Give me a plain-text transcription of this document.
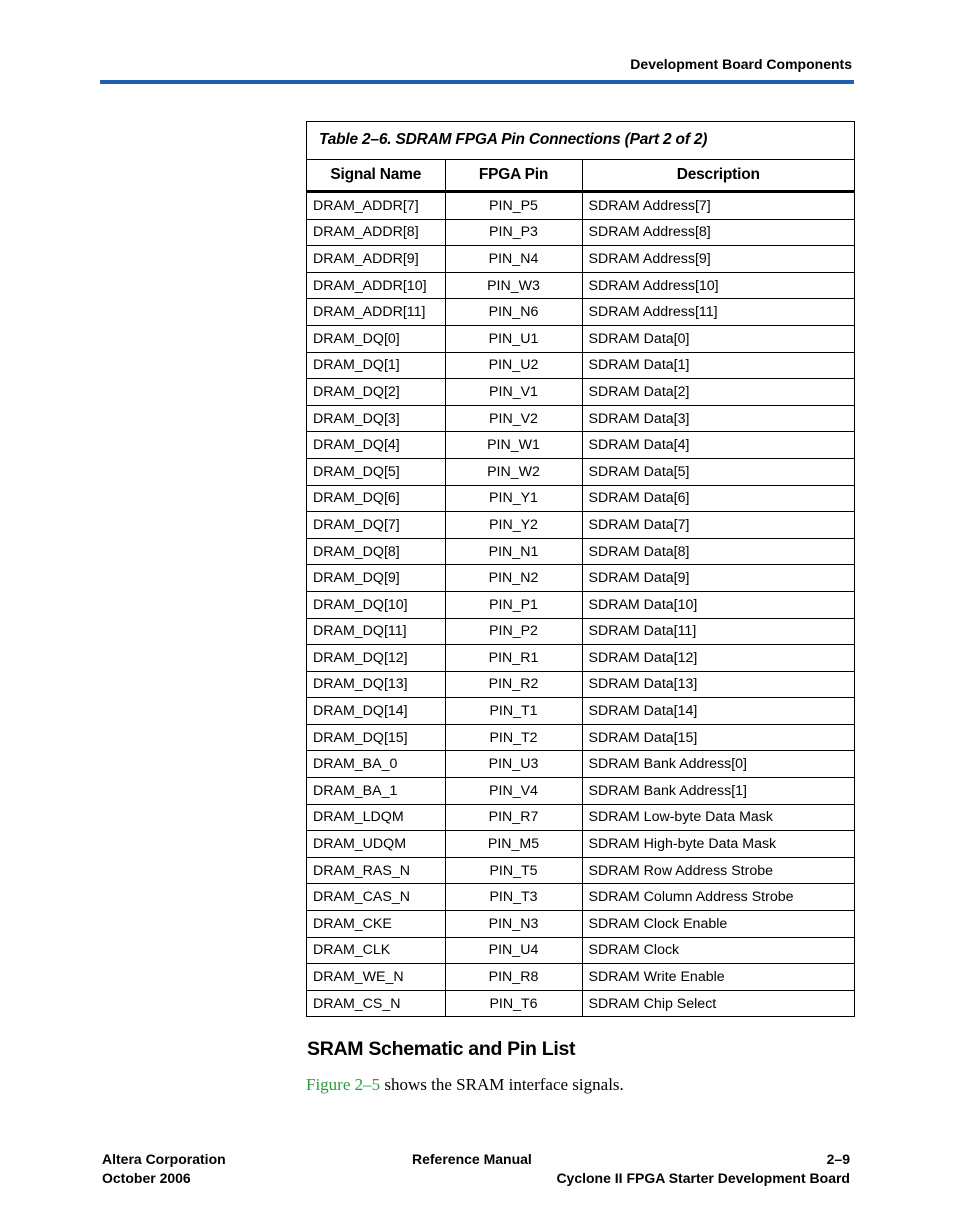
Development Board Components
Table 2–6. SDRAM FPGA Pin Connections (Part 2 of 2)
Signal Name	FPGA Pin	Description
DRAM_ADDR[7]	PIN_P5	SDRAM Address[7]
DRAM_ADDR[8]	PIN_P3	SDRAM Address[8]
DRAM_ADDR[9]	PIN_N4	SDRAM Address[9]
DRAM_ADDR[10]	PIN_W3	SDRAM Address[10]
DRAM_ADDR[11]	PIN_N6	SDRAM Address[11]
DRAM_DQ[0]	PIN_U1	SDRAM Data[0]
DRAM_DQ[1]	PIN_U2	SDRAM Data[1]
DRAM_DQ[2]	PIN_V1	SDRAM Data[2]
DRAM_DQ[3]	PIN_V2	SDRAM Data[3]
DRAM_DQ[4]	PIN_W1	SDRAM Data[4]
DRAM_DQ[5]	PIN_W2	SDRAM Data[5]
DRAM_DQ[6]	PIN_Y1	SDRAM Data[6]
DRAM_DQ[7]	PIN_Y2	SDRAM Data[7]
DRAM_DQ[8]	PIN_N1	SDRAM Data[8]
DRAM_DQ[9]	PIN_N2	SDRAM Data[9]
DRAM_DQ[10]	PIN_P1	SDRAM Data[10]
DRAM_DQ[11]	PIN_P2	SDRAM Data[11]
DRAM_DQ[12]	PIN_R1	SDRAM Data[12]
DRAM_DQ[13]	PIN_R2	SDRAM Data[13]
DRAM_DQ[14]	PIN_T1	SDRAM Data[14]
DRAM_DQ[15]	PIN_T2	SDRAM Data[15]
DRAM_BA_0	PIN_U3	SDRAM Bank Address[0]
DRAM_BA_1	PIN_V4	SDRAM Bank Address[1]
DRAM_LDQM	PIN_R7	SDRAM Low-byte Data Mask
DRAM_UDQM	PIN_M5	SDRAM High-byte Data Mask
DRAM_RAS_N	PIN_T5	SDRAM Row Address Strobe
DRAM_CAS_N	PIN_T3	SDRAM Column Address Strobe
DRAM_CKE	PIN_N3	SDRAM Clock Enable
DRAM_CLK	PIN_U4	SDRAM Clock
DRAM_WE_N	PIN_R8	SDRAM Write Enable
DRAM_CS_N	PIN_T6	SDRAM Chip Select
SRAM Schematic and Pin List
Figure 2–5 shows the SRAM interface signals.
Altera Corporation
October 2006
Reference Manual	2–9
Cyclone II FPGA Starter Development Board
